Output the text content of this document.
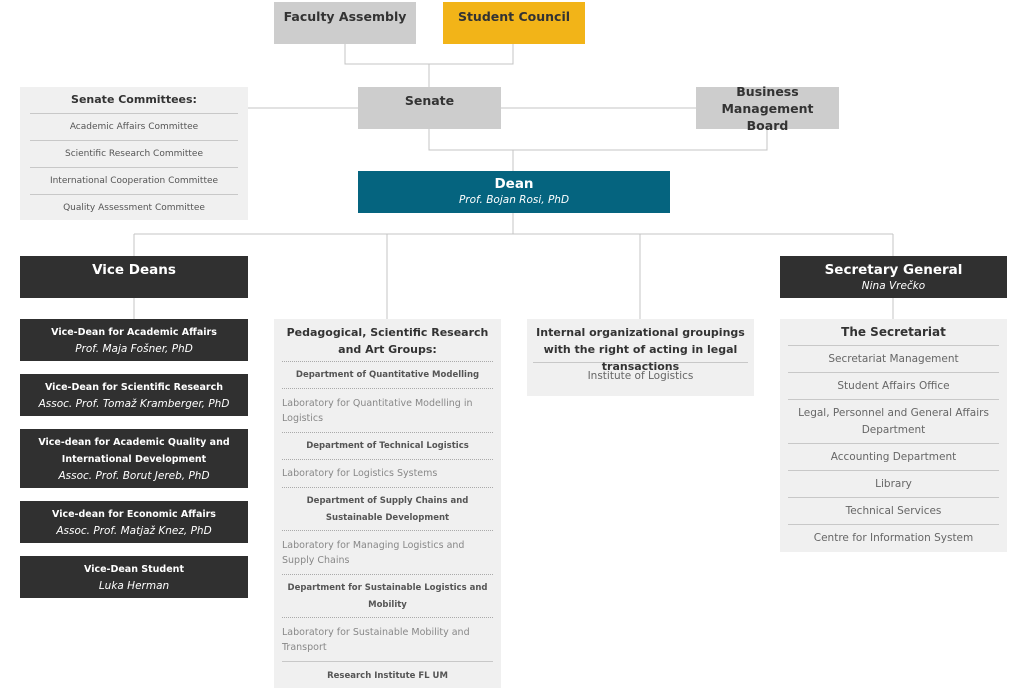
Faculty Assembly	Student Council
Senate
Business Management Board
Senate Committees:
Academic Affairs Committee
Scientific Research Committee
International Cooperation Committee
Quality Assessment Committee
Dean
Prof. Bojan Rosi, PhD
Vice Deans
Vice-Dean for Academic Affairs
Prof. Maja Fošner, PhD
Vice-Dean for Scientific Research
Assoc. Prof. Tomaž Kramberger, PhD
Vice-dean for Academic Quality and International Development
Assoc. Prof. Borut Jereb, PhD
Vice-dean for Economic Affairs
Assoc. Prof. Matjaž Knez, PhD
Vice-Dean Student
Luka Herman
Pedagogical, Scientific Research and Art Groups:
Department of Quantitative Modelling
Laboratory for Quantitative Modelling in Logistics
Department of Technical Logistics
Laboratory for Logistics Systems
Department of Supply Chains and Sustainable Development
Laboratory for Managing Logistics and Supply Chains
Department for Sustainable Logistics and Mobility
Laboratory for Sustainable Mobility and Transport
Research Institute FL UM
Internal organizational groupings with the right of acting in legal transactions
Institute of Logistics
Secretary General
Nina Vrečko
The Secretariat
Secretariat Management
Student Affairs Office
Legal, Personnel and General Affairs Department
Accounting Department
Library
Technical Services
Centre for Information System
